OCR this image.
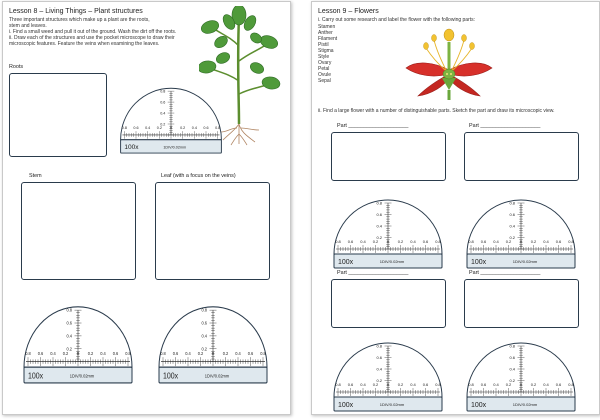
Lesson 8 – Living Things – Plant structures
Three important structures which make up a plant are the roots,
stem and leaves.
i. Find a small weed and pull it out of the ground. Wash the dirt off the roots.
ii. Draw each of the structures and use the pocket microscope to draw their
microscopic features. Feature the veins when examining the leaves.
Roots
0.8 0.6 0.4 0.2 0 0.2 0.4 0.6 0.8
0.2
0.4
0.6
0.8
100x	1DIV/0.02mm
Stem	Leaf (with a focus on the veins)
0.8 0.6 0.4 0.2 0 0.2 0.4 0.6 0.8
0.2
0.4
0.6
0.8
100x	1DIV/0.02mm
0.8 0.6 0.4 0.2 0 0.2 0.4 0.6 0.8
0.2
0.4
0.6
0.8
100x	1DIV/0.02mm
Lesson 9 – Flowers
i. Carry out some research and label the flower with the following parts:
Stamen
Anther
Filament
Pistil
Stigma
Style
Ovary
Petal
Ovule
Sepal
ii. Find a large flower with a number of distinguishable parts. Sketch the part and draw its microscopic view.
Part ____________________	Part ____________________
0.8 0.6 0.4 0.2 0 0.2 0.4 0.6 0.8
0.2
0.4
0.6
0.8
100x	1DIV/0.02mm
0.8 0.6 0.4 0.2 0 0.2 0.4 0.6 0.8
0.2
0.4
0.6
0.8
100x	1DIV/0.02mm
Part ____________________	Part ____________________
0.8 0.6 0.4 0.2 0 0.2 0.4 0.6 0.8
0.2
0.4
0.6
0.8
100x	1DIV/0.02mm
0.8 0.6 0.4 0.2 0 0.2 0.4 0.6 0.8
0.2
0.4
0.6
0.8
100x	1DIV/0.02mm
